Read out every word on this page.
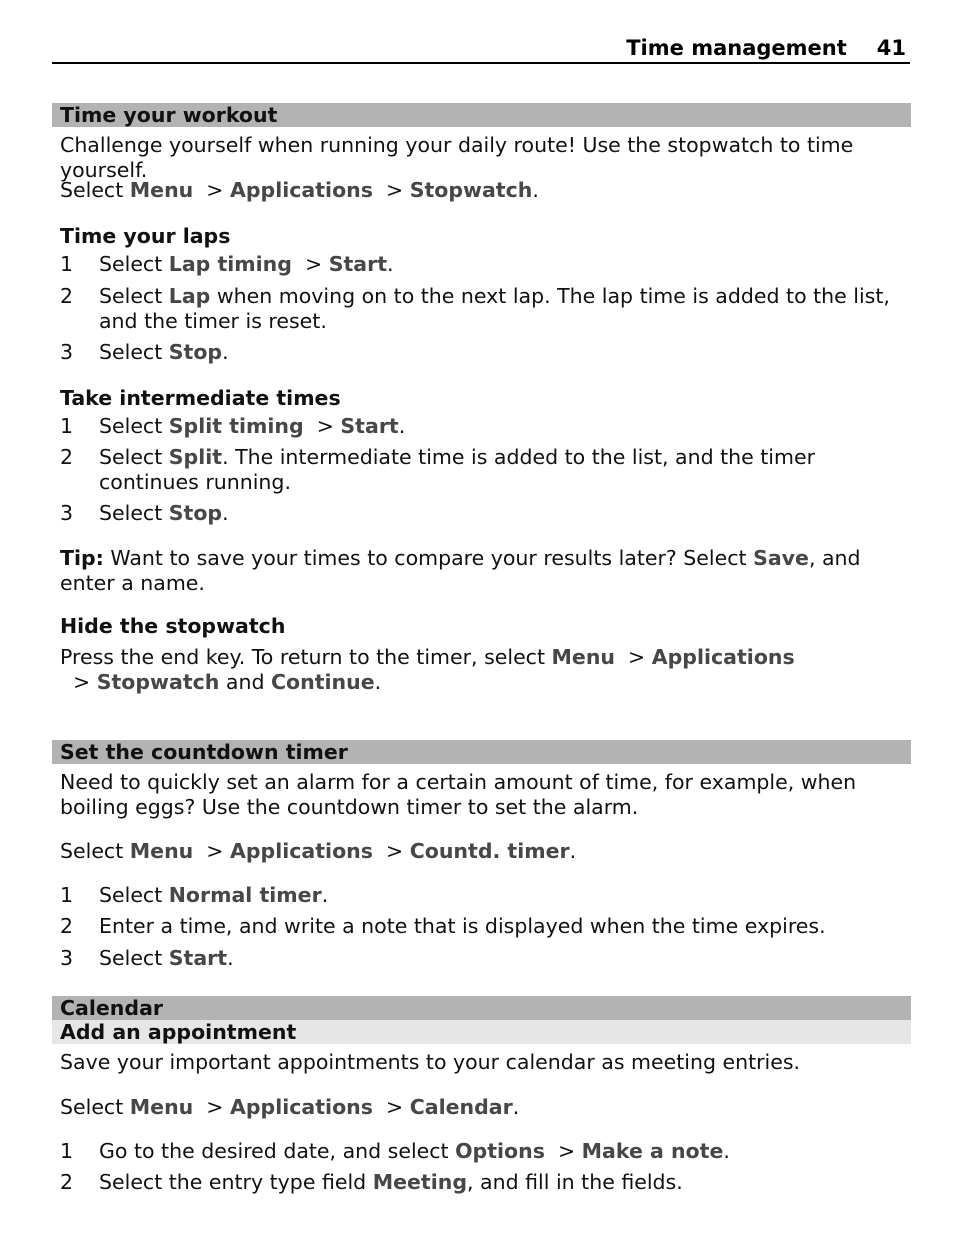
Time management 41
Time your workout
Challenge yourself when running your daily route! Use the stopwatch to time yourself.
Select Menu  > Applications  > Stopwatch.
Time your laps
1 Select Lap timing  > Start.
2 Select Lap when moving on to the next lap. The lap time is added to the list, and the timer is reset.
3 Select Stop.
Take intermediate times
1 Select Split timing  > Start.
2 Select Split. The intermediate time is added to the list, and the timer continues running.
3 Select Stop.
Tip: Want to save your times to compare your results later? Select Save, and enter a name.
Hide the stopwatch
Press the end key. To return to the timer, select Menu  > Applications  > Stopwatch and Continue.
Set the countdown timer
Need to quickly set an alarm for a certain amount of time, for example, when boiling eggs? Use the countdown timer to set the alarm.
Select Menu  > Applications  > Countd. timer.
1 Select Normal timer.
2 Enter a time, and write a note that is displayed when the time expires.
3 Select Start.
Calendar
Add an appointment
Save your important appointments to your calendar as meeting entries.
Select Menu  > Applications  > Calendar.
1 Go to the desired date, and select Options  > Make a note.
2 Select the entry type field Meeting, and fill in the fields.
